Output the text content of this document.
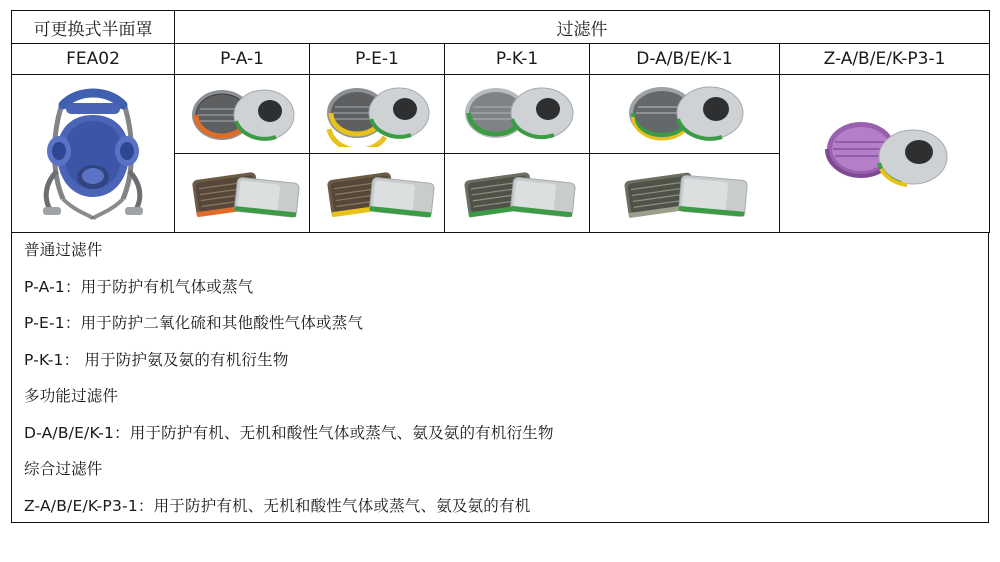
可更换式半面罩	过滤件				
FEA02	P-A-1	P-E-1	P-K-1	D-A/B/E/K-1	Z-A/B/E/K-P3-1

普通过滤件

P-A-1：用于防护有机气体或蒸气

P-E-1：用于防护二氧化硫和其他酸性气体或蒸气

P-K-1： 用于防护氨及氨的有机衍生物

多功能过滤件

D-A/B/E/K-1：用于防护有机、无机和酸性气体或蒸气、氨及氨的有机衍生物

综合过滤件

Z-A/B/E/K-P3-1：用于防护有机、无机和酸性气体或蒸气、氨及氨的有机
